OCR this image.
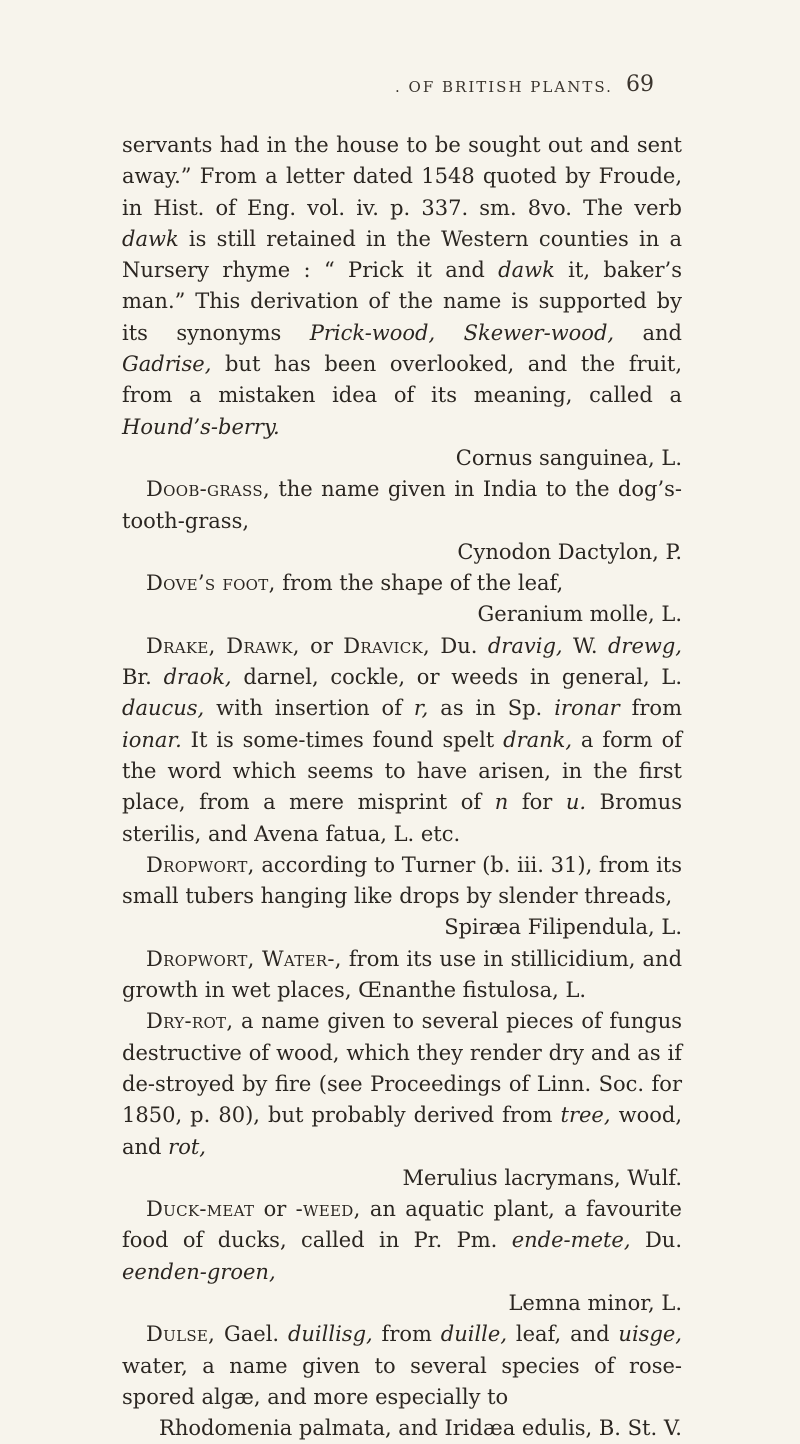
. OF BRITISH PLANTS. 69

servants had in the house to be sought out and sent away.” From a letter dated 1548 quoted by Froude, in Hist. of Eng. vol. iv. p. 337. sm. 8vo. The verb dawk is still retained in the Western counties in a Nursery rhyme : “ Prick it and dawk it, baker’s man.” This derivation of the name is supported by its synonyms Prick-wood, Skewer-wood, and Gadrise, but has been overlooked, and the fruit, from a mistaken idea of its meaning, called a Hound’s-berry.
Cornus sanguinea, L.

Doob-grass, the name given in India to the dog’s-tooth-grass,
Cynodon Dactylon, P.

Dove’s foot, from the shape of the leaf,
Geranium molle, L.

Drake, Drawk, or Dravick, Du. dravig, W. drewg, Br. draok, darnel, cockle, or weeds in general, L. daucus, with insertion of r, as in Sp. ironar from ionar. It is some-times found spelt drank, a form of the word which seems to have arisen, in the first place, from a mere misprint of n for u. Bromus sterilis, and Avena fatua, L. etc.

Dropwort, according to Turner (b. iii. 31), from its small tubers hanging like drops by slender threads,
Spiræa Filipendula, L.

Dropwort, Water-, from its use in stillicidium, and growth in wet places, Œnanthe fistulosa, L.

Dry-rot, a name given to several pieces of fungus destructive of wood, which they render dry and as if de-stroyed by fire (see Proceedings of Linn. Soc. for 1850, p. 80), but probably derived from tree, wood, and rot,
Merulius lacrymans, Wulf.

Duck-meat or -weed, an aquatic plant, a favourite food of ducks, called in Pr. Pm. ende-mete, Du. eenden-groen,
Lemna minor, L.

Dulse, Gael. duillisg, from duille, leaf, and uisge, water, a name given to several species of rose-spored algæ, and more especially to
Rhodomenia palmata, and Iridæa edulis, B. St. V.
